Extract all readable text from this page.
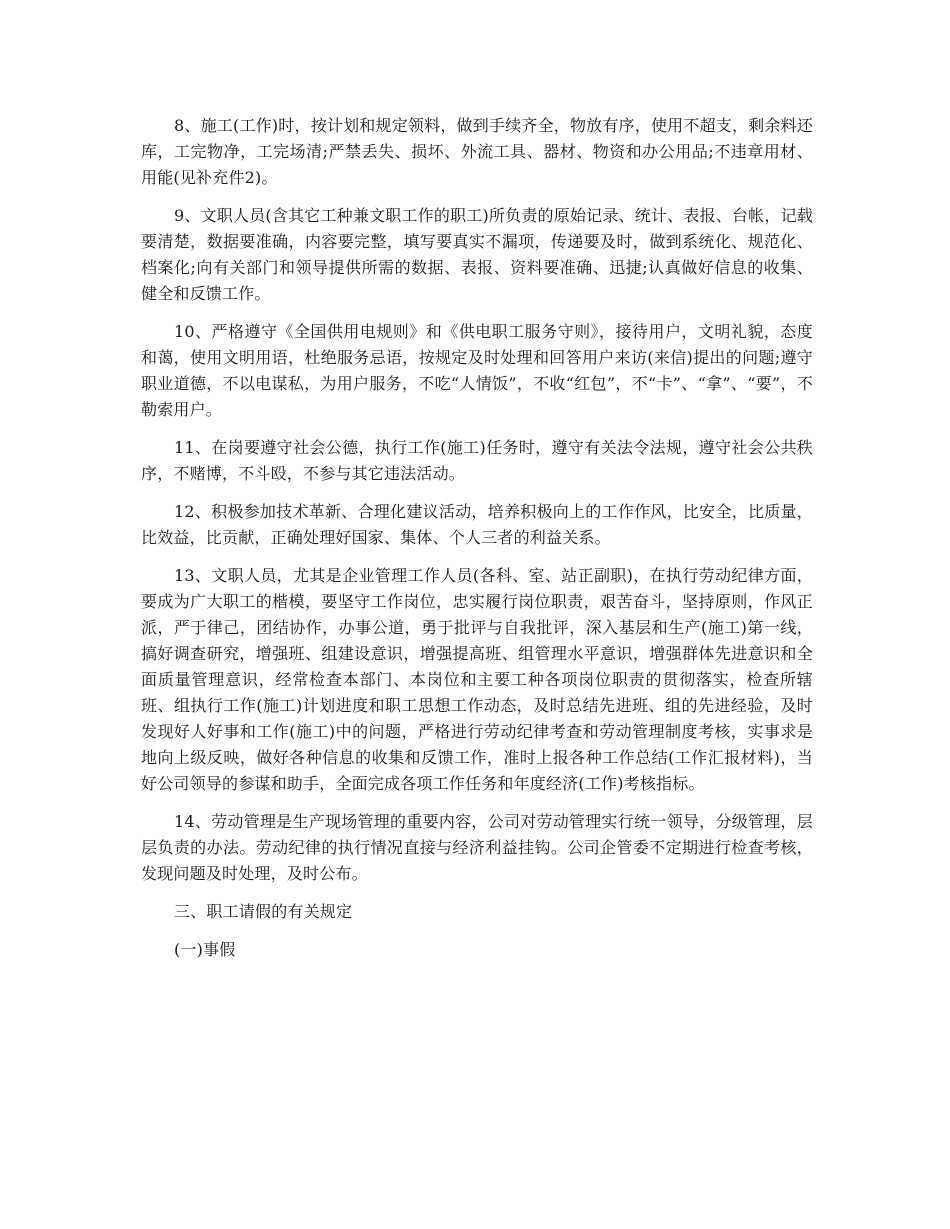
8、施工(工作)时，按计划和规定领料，做到手续齐全，物放有序，使用不超支，剩余料还库，工完物净，工完场清;严禁丢失、损坏、外流工具、器材、物资和办公用品;不违章用材、用能(见补充件2)。

9、文职人员(含其它工种兼文职工作的职工)所负责的原始记录、统计、表报、台帐，记载要清楚，数据要准确，内容要完整，填写要真实不漏项，传递要及时，做到系统化、规范化、档案化;向有关部门和领导提供所需的数据、表报、资料要准确、迅捷;认真做好信息的收集、健全和反馈工作。

10、严格遵守《全国供用电规则》和《供电职工服务守则》，接待用户，文明礼貌，态度和蔼，使用文明用语，杜绝服务忌语，按规定及时处理和回答用户来访(来信)提出的问题;遵守职业道德，不以电谋私，为用户服务，不吃“人情饭”，不收“红包”，不“卡”、“拿”、“要”，不勒索用户。

11、在岗要遵守社会公德，执行工作(施工)任务时，遵守有关法令法规，遵守社会公共秩序，不赌博，不斗殴，不参与其它违法活动。

12、积极参加技术革新、合理化建议活动，培养积极向上的工作作风，比安全，比质量，比效益，比贡献，正确处理好国家、集体、个人三者的利益关系。

13、文职人员，尤其是企业管理工作人员(各科、室、站正副职)，在执行劳动纪律方面，要成为广大职工的楷模，要坚守工作岗位，忠实履行岗位职责，艰苦奋斗，坚持原则，作风正派，严于律己，团结协作，办事公道，勇于批评与自我批评，深入基层和生产(施工)第一线，搞好调查研究，增强班、组建设意识，增强提高班、组管理水平意识，增强群体先进意识和全面质量管理意识，经常检查本部门、本岗位和主要工种各项岗位职责的贯彻落实，检查所辖班、组执行工作(施工)计划进度和职工思想工作动态，及时总结先进班、组的先进经验，及时发现好人好事和工作(施工)中的问题，严格进行劳动纪律考查和劳动管理制度考核，实事求是地向上级反映，做好各种信息的收集和反馈工作，准时上报各种工作总结(工作汇报材料)，当好公司领导的参谋和助手，全面完成各项工作任务和年度经济(工作)考核指标。

14、劳动管理是生产现场管理的重要内容，公司对劳动管理实行统一领导，分级管理，层层负责的办法。劳动纪律的执行情况直接与经济利益挂钩。公司企管委不定期进行检查考核，发现问题及时处理，及时公布。

三、职工请假的有关规定

(一)事假
